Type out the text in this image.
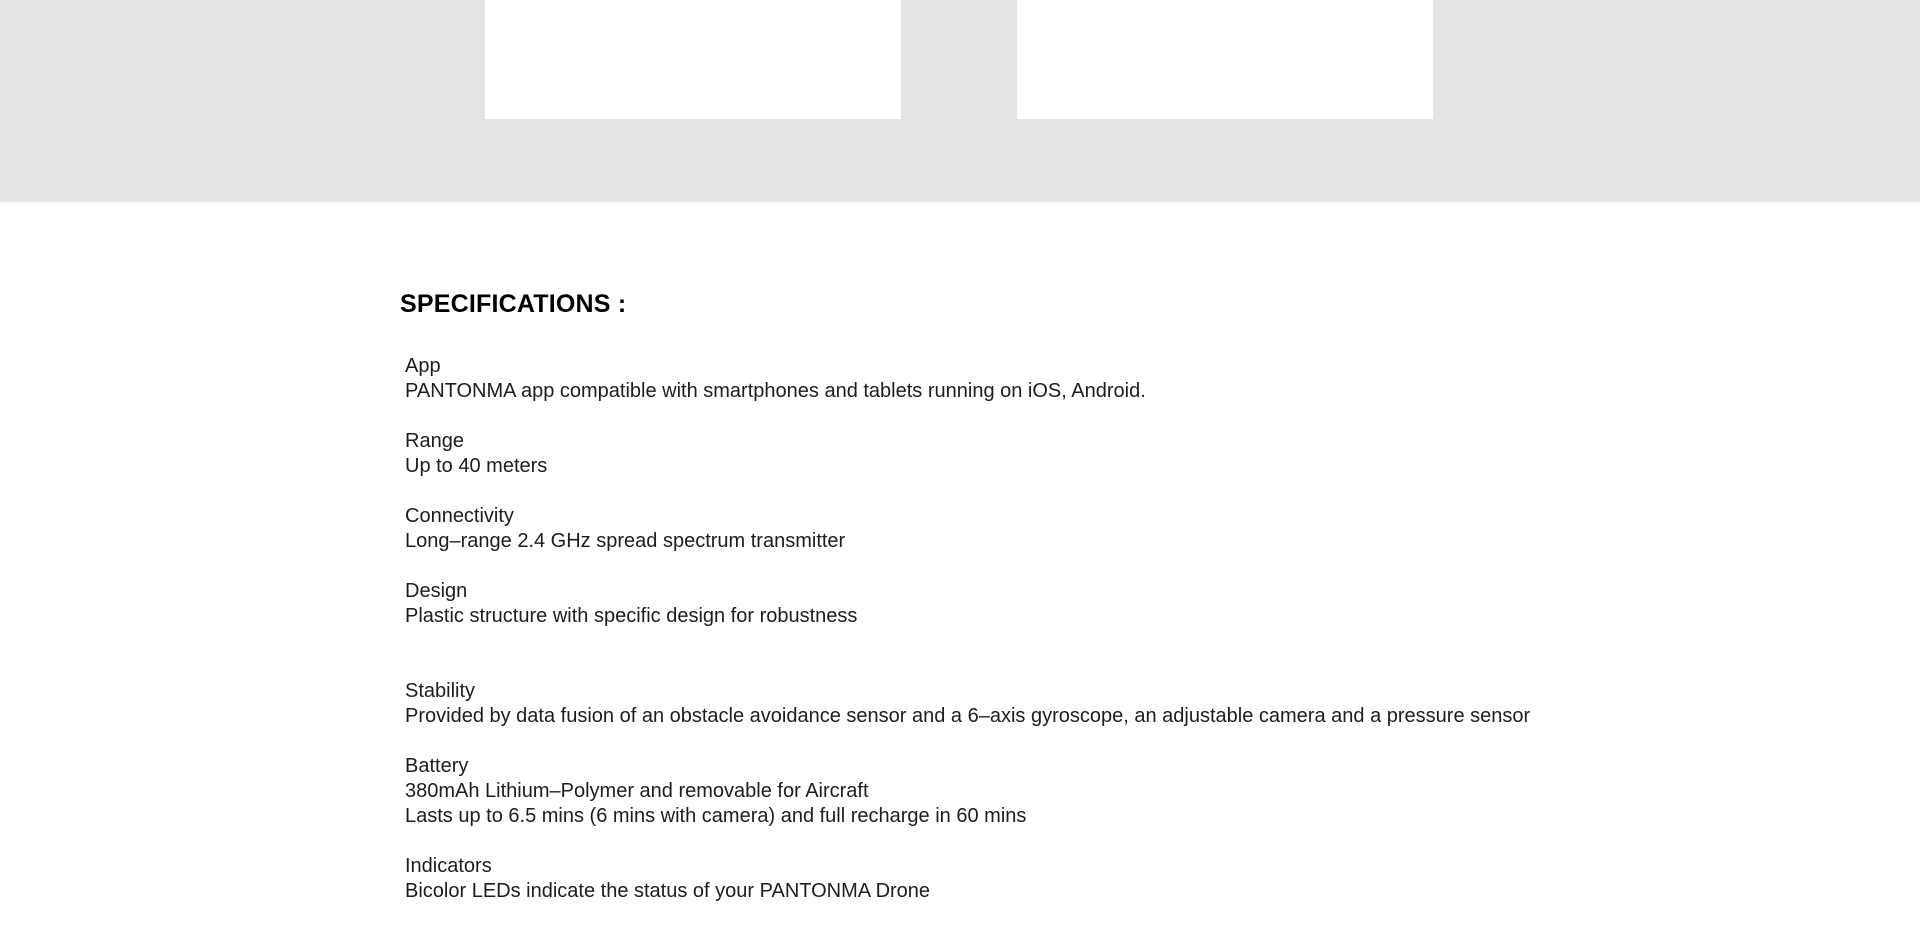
SPECIFICATIONS :
App
PANTONMA app compatible with smartphones and tablets running on iOS, Android.
Range
Up to 40 meters
Connectivity
Long–range 2.4 GHz spread spectrum transmitter
Design
Plastic structure with specific design for robustness
Stability
Provided by data fusion of an obstacle avoidance sensor and a 6–axis gyroscope, an adjustable camera and a pressure sensor
Battery
380mAh Lithium–Polymer and removable for Aircraft
Lasts up to 6.5 mins (6 mins with camera) and full recharge in 60 mins
Indicators
Bicolor LEDs indicate the status of your PANTONMA Drone
